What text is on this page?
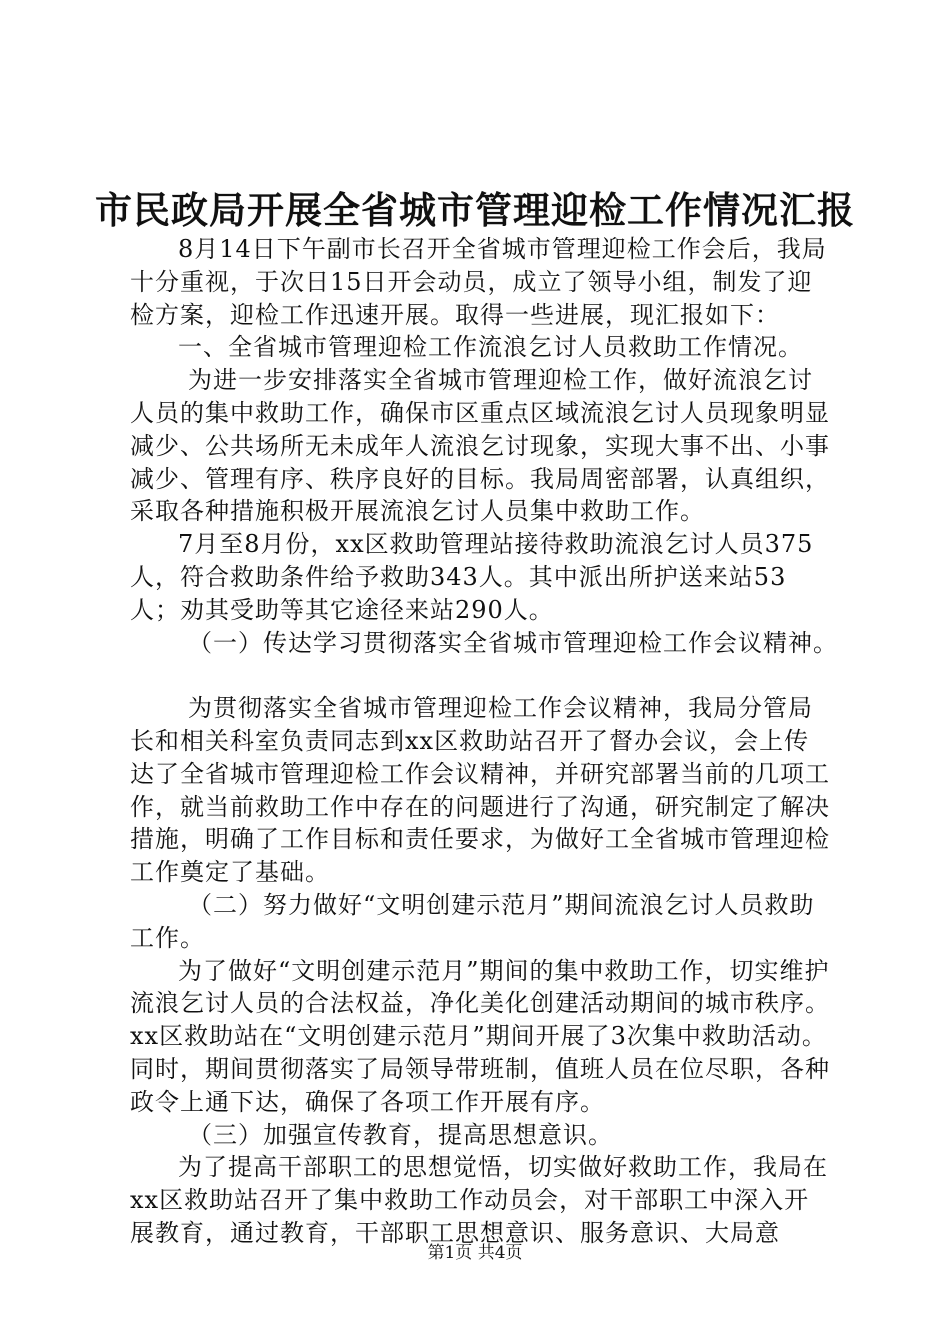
市民政局开展全省城市管理迎检工作情况汇报

8月14日下午副市长召开全省城市管理迎检工作会后，我局十分重视，于次日15日开会动员，成立了领导小组，制发了迎检方案，迎检工作迅速开展。取得一些进展，现汇报如下：

一、全省城市管理迎检工作流浪乞讨人员救助工作情况。

为进一步安排落实全省城市管理迎检工作，做好流浪乞讨人员的集中救助工作，确保市区重点区域流浪乞讨人员现象明显减少、公共场所无未成年人流浪乞讨现象，实现大事不出、小事减少、管理有序、秩序良好的目标。我局周密部署，认真组织，采取各种措施积极开展流浪乞讨人员集中救助工作。

7月至8月份，xx区救助管理站接待救助流浪乞讨人员375人，符合救助条件给予救助343人。其中派出所护送来站53人；劝其受助等其它途径来站290人。

（一）传达学习贯彻落实全省城市管理迎检工作会议精神。

为贯彻落实全省城市管理迎检工作会议精神，我局分管局长和相关科室负责同志到xx区救助站召开了督办会议，会上传达了全省城市管理迎检工作会议精神，并研究部署当前的几项工作，就当前救助工作中存在的问题进行了沟通，研究制定了解决措施，明确了工作目标和责任要求，为做好工全省城市管理迎检工作奠定了基础。

（二）努力做好“文明创建示范月”期间流浪乞讨人员救助工作。

为了做好“文明创建示范月”期间的集中救助工作，切实维护流浪乞讨人员的合法权益，净化美化创建活动期间的城市秩序。xx区救助站在“文明创建示范月”期间开展了3次集中救助活动。同时，期间贯彻落实了局领导带班制，值班人员在位尽职，各种政令上通下达，确保了各项工作开展有序。

（三）加强宣传教育，提高思想意识。

为了提高干部职工的思想觉悟，切实做好救助工作，我局在xx区救助站召开了集中救助工作动员会，对干部职工中深入开展教育，通过教育，干部职工思想意识、服务意识、大局意

第1页 共4页
